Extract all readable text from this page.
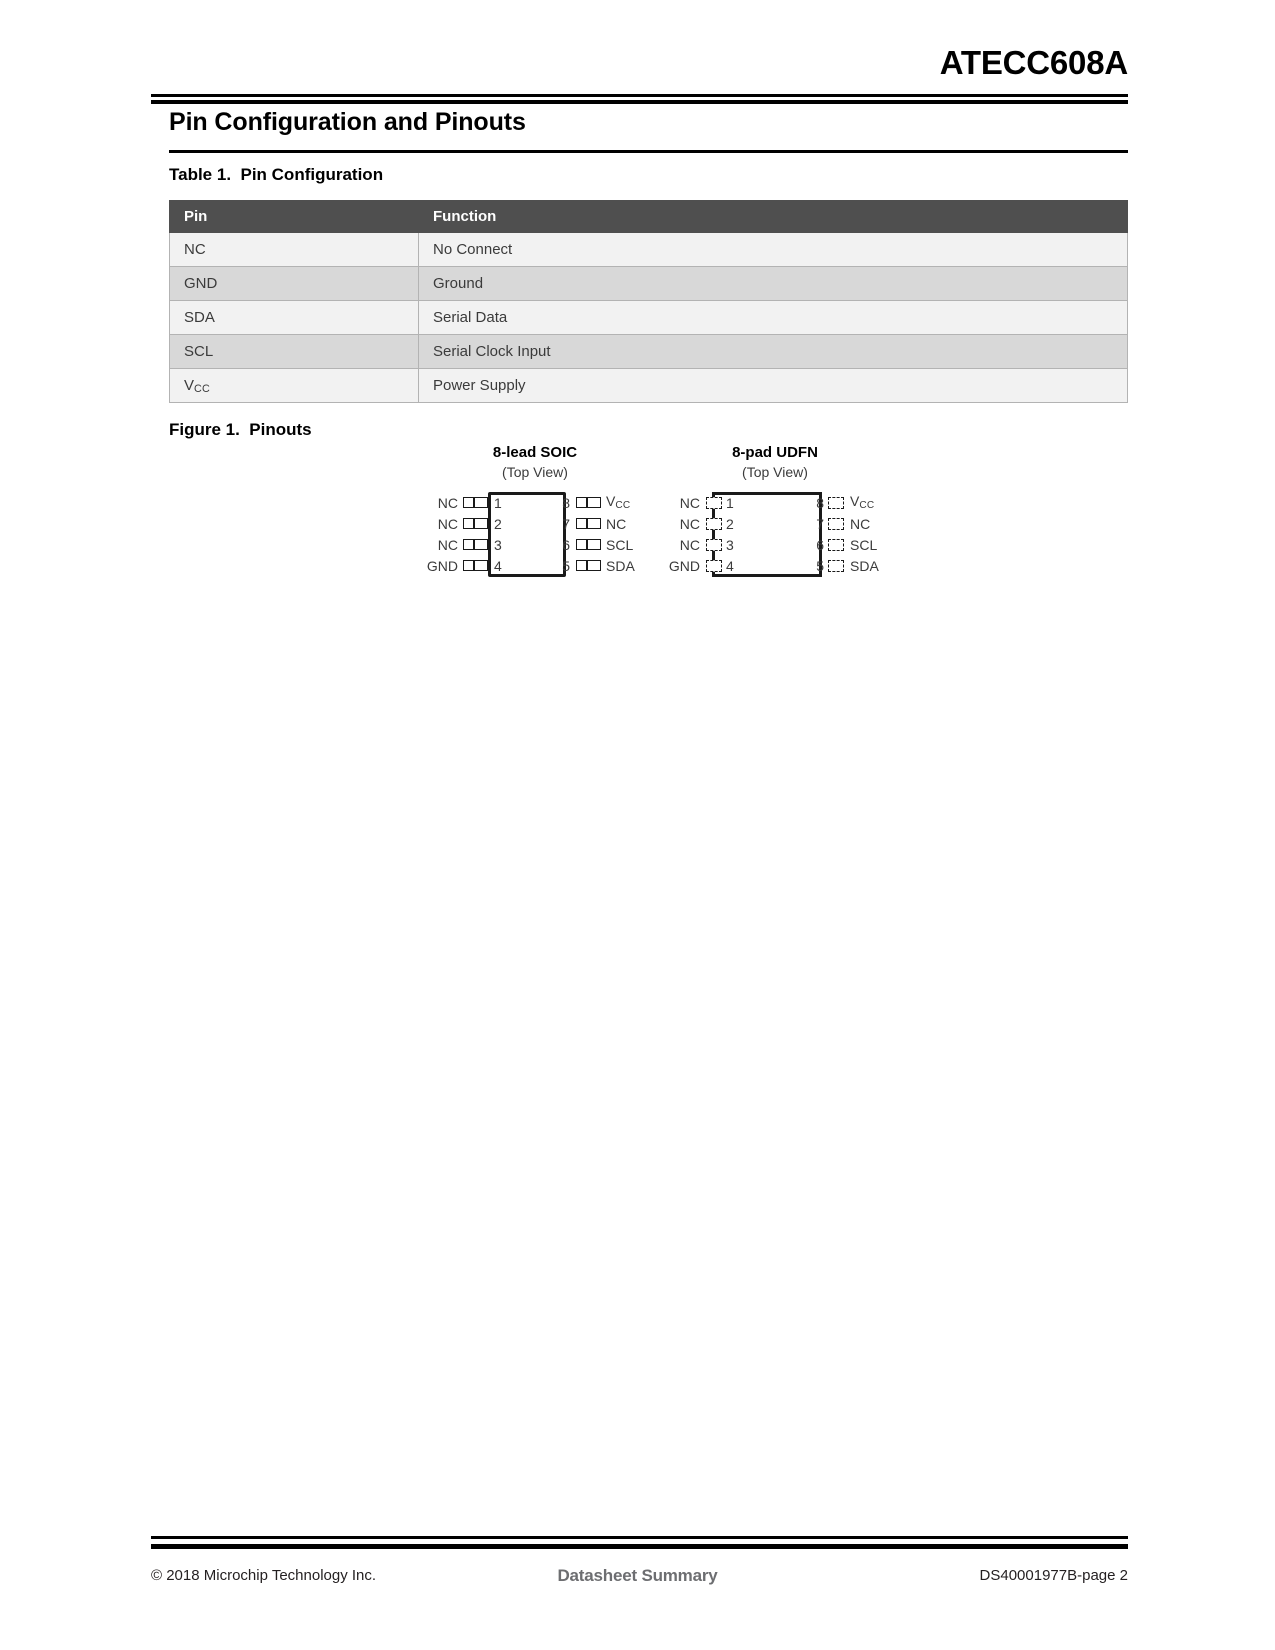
ATECC608A
Pin Configuration and Pinouts
Table 1.  Pin Configuration
Pin	Function
NC	No Connect
GND	Ground
SDA	Serial Data
SCL	Serial Clock Input
VCC	Power Supply
Figure 1.  Pinouts
8-lead SOIC
(Top View)
NC	1	8	VCC
NC	2	7	NC
NC	3	6	SCL
GND	4	5	SDA
8-pad UDFN
(Top View)
NC	1	8	VCC
NC	2	7	NC
NC	3	6	SCL
GND	4	5	SDA
© 2018 Microchip Technology Inc.	Datasheet Summary	DS40001977B-page 2
